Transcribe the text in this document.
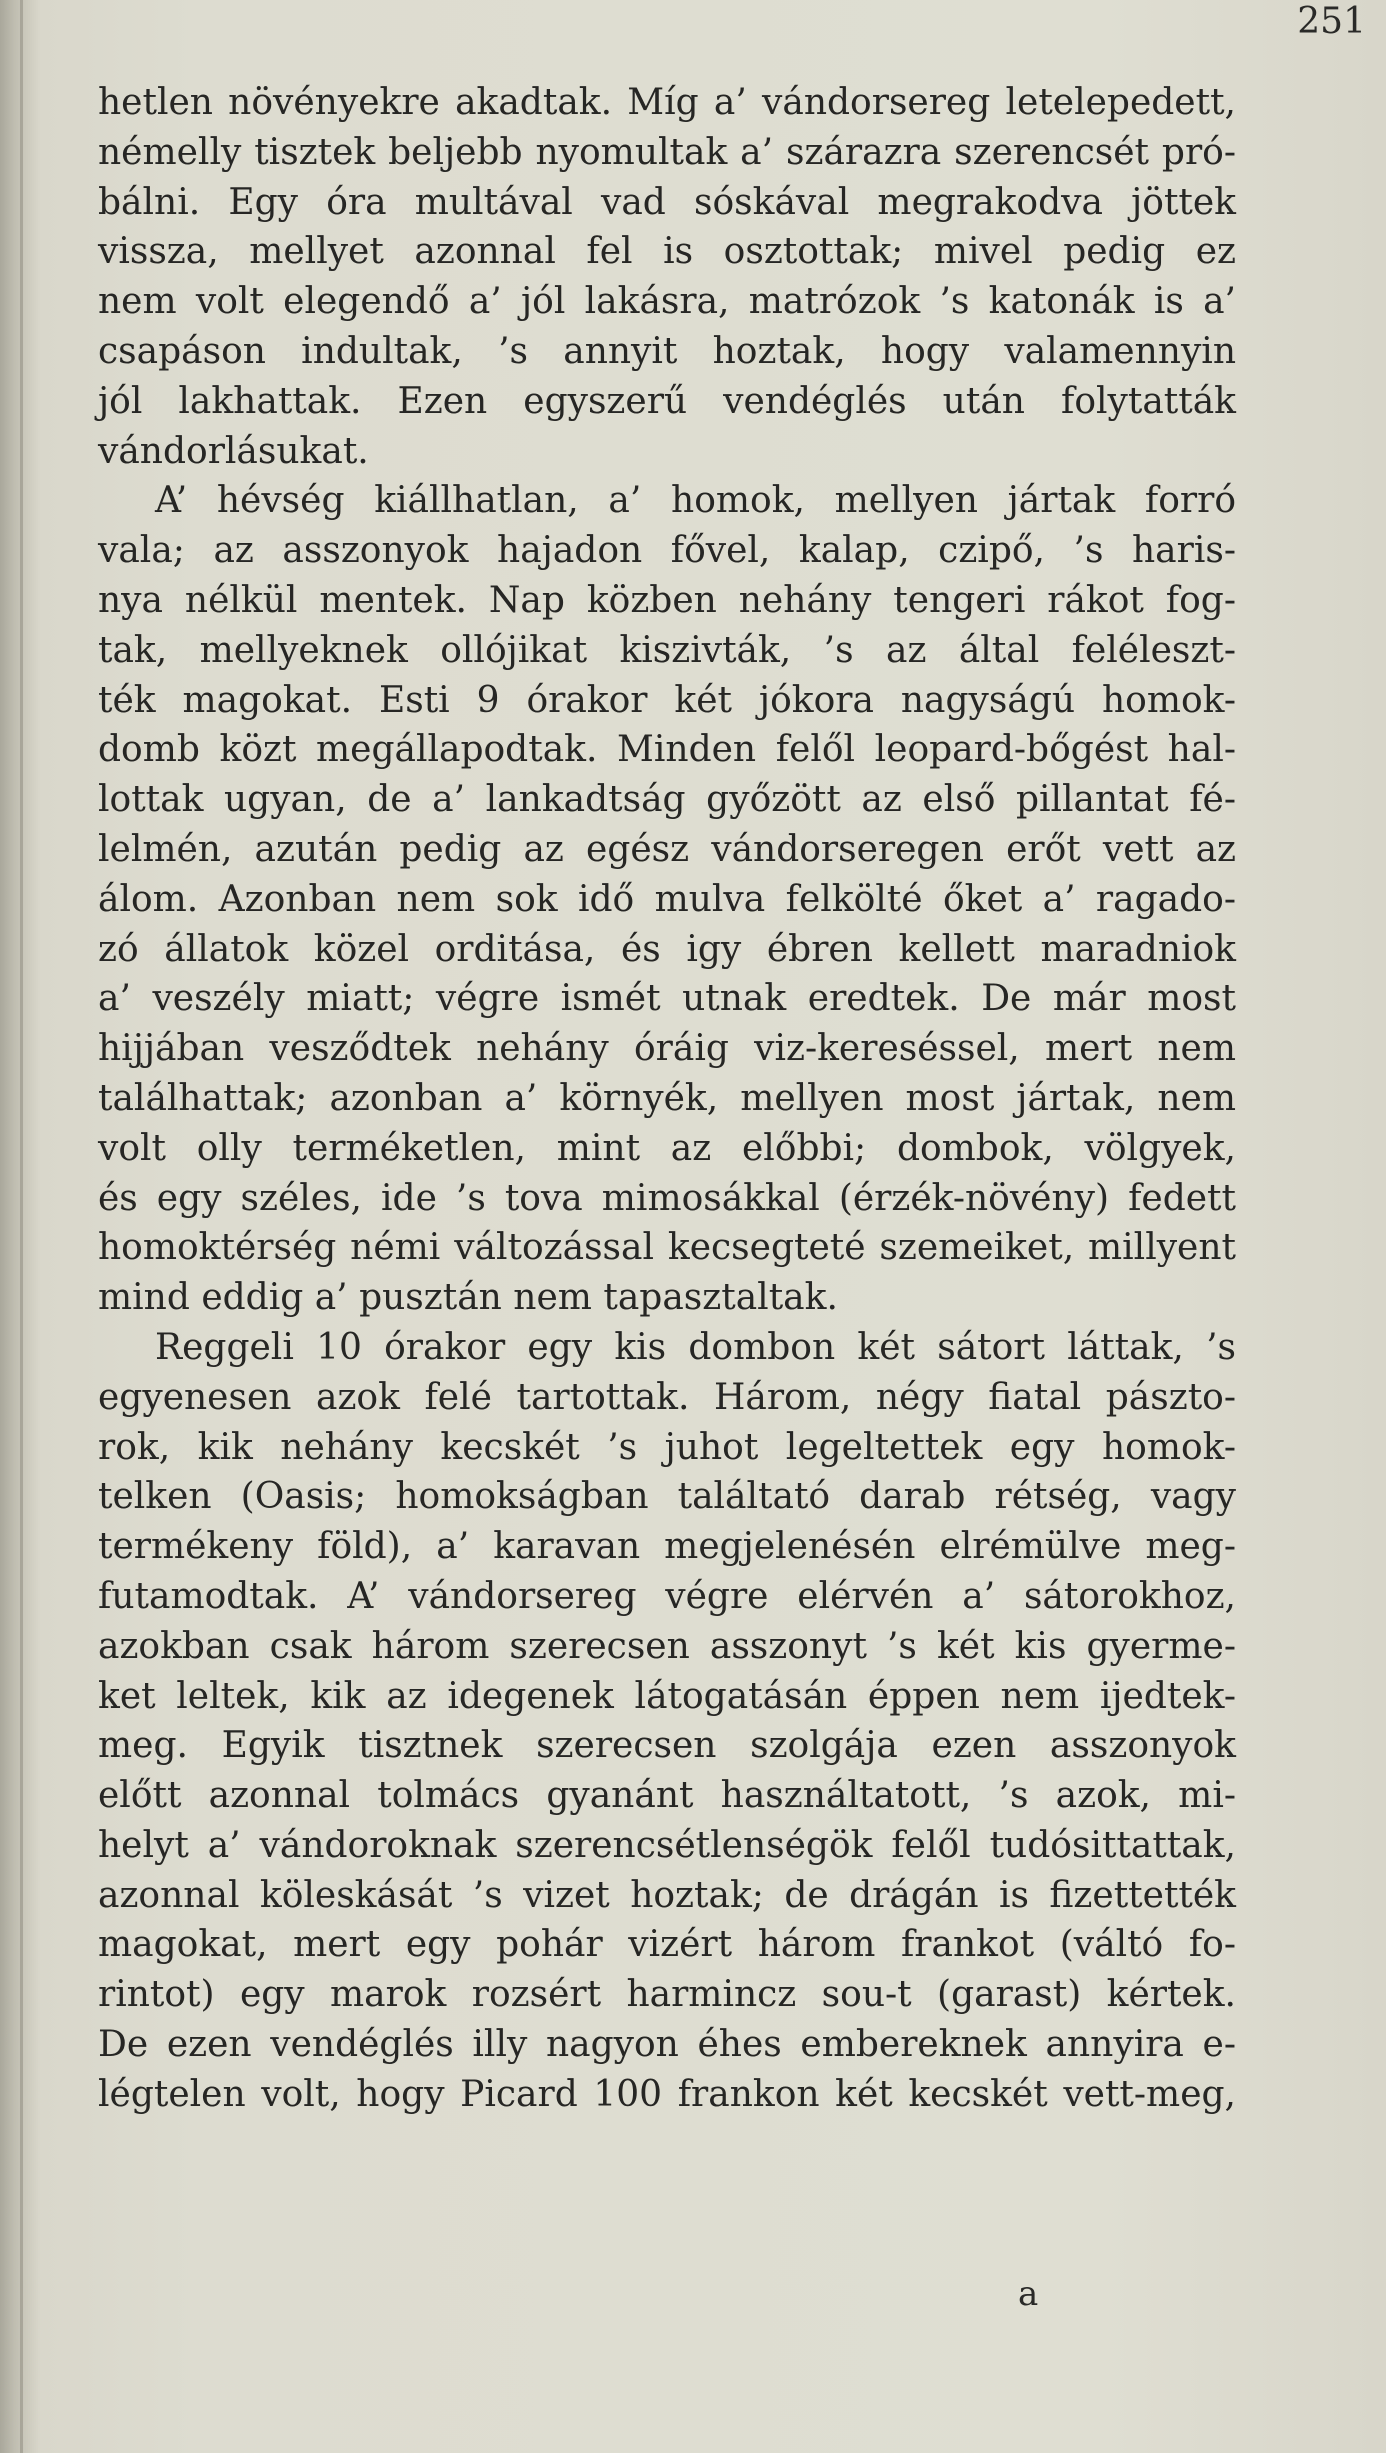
251
hetlen növényekre akadtak. Míg a’ vándorsereg letelepedett,
némelly tisztek beljebb nyomultak a’ szárazra szerencsét pró-
bálni. Egy óra multával vad sóskával megrakodva jöttek
vissza, mellyet azonnal fel is osztottak; mivel pedig ez
nem volt elegendő a’ jól lakásra, matrózok ’s katonák is a’
csapáson indultak, ’s annyit hoztak, hogy valamennyin
jól lakhattak. Ezen egyszerű vendéglés után folytatták
vándorlásukat.
A’ hévség kiállhatlan, a’ homok, mellyen jártak forró
vala; az asszonyok hajadon fővel, kalap, czipő, ’s haris-
nya nélkül mentek. Nap közben nehány tengeri rákot fog-
tak, mellyeknek ollójikat kiszivták, ’s az által feléleszt-
ték magokat. Esti 9 órakor két jókora nagyságú homok-
domb közt megállapodtak. Minden felől leopard-bőgést hal-
lottak ugyan, de a’ lankadtság győzött az első pillantat fé-
lelmén, azután pedig az egész vándorseregen erőt vett az
álom. Azonban nem sok idő mulva felkölté őket a’ ragado-
zó állatok közel orditása, és igy ébren kellett maradniok
a’ veszély miatt; végre ismét utnak eredtek. De már most
hijjában vesződtek nehány óráig viz-kereséssel, mert nem
találhattak; azonban a’ környék, mellyen most jártak, nem
volt olly terméketlen, mint az előbbi; dombok, völgyek,
és egy széles, ide ’s tova mimosákkal (érzék-növény) fedett
homoktérség némi változással kecsegteté szemeiket, millyent
mind eddig a’ pusztán nem tapasztaltak.
Reggeli 10 órakor egy kis dombon két sátort láttak, ’s
egyenesen azok felé tartottak. Három, négy fiatal pászto-
rok, kik nehány kecskét ’s juhot legeltettek egy homok-
telken (Oasis; homokságban találtató darab rétség, vagy
termékeny föld), a’ karavan megjelenésén elrémülve meg-
futamodtak. A’ vándorsereg végre elérvén a’ sátorokhoz,
azokban csak három szerecsen asszonyt ’s két kis gyerme-
ket leltek, kik az idegenek látogatásán éppen nem ijedtek-
meg. Egyik tisztnek szerecsen szolgája ezen asszonyok
előtt azonnal tolmács gyanánt használtatott, ’s azok, mi-
helyt a’ vándoroknak szerencsétlenségök felől tudósittattak,
azonnal köleskását ’s vizet hoztak; de drágán is fizettették
magokat, mert egy pohár vizért három frankot (váltó fo-
rintot) egy marok rozsért harmincz sou-t (garast) kértek.
De ezen vendéglés illy nagyon éhes embereknek annyira e-
légtelen volt, hogy Picard 100 frankon két kecskét vett-meg,
a
